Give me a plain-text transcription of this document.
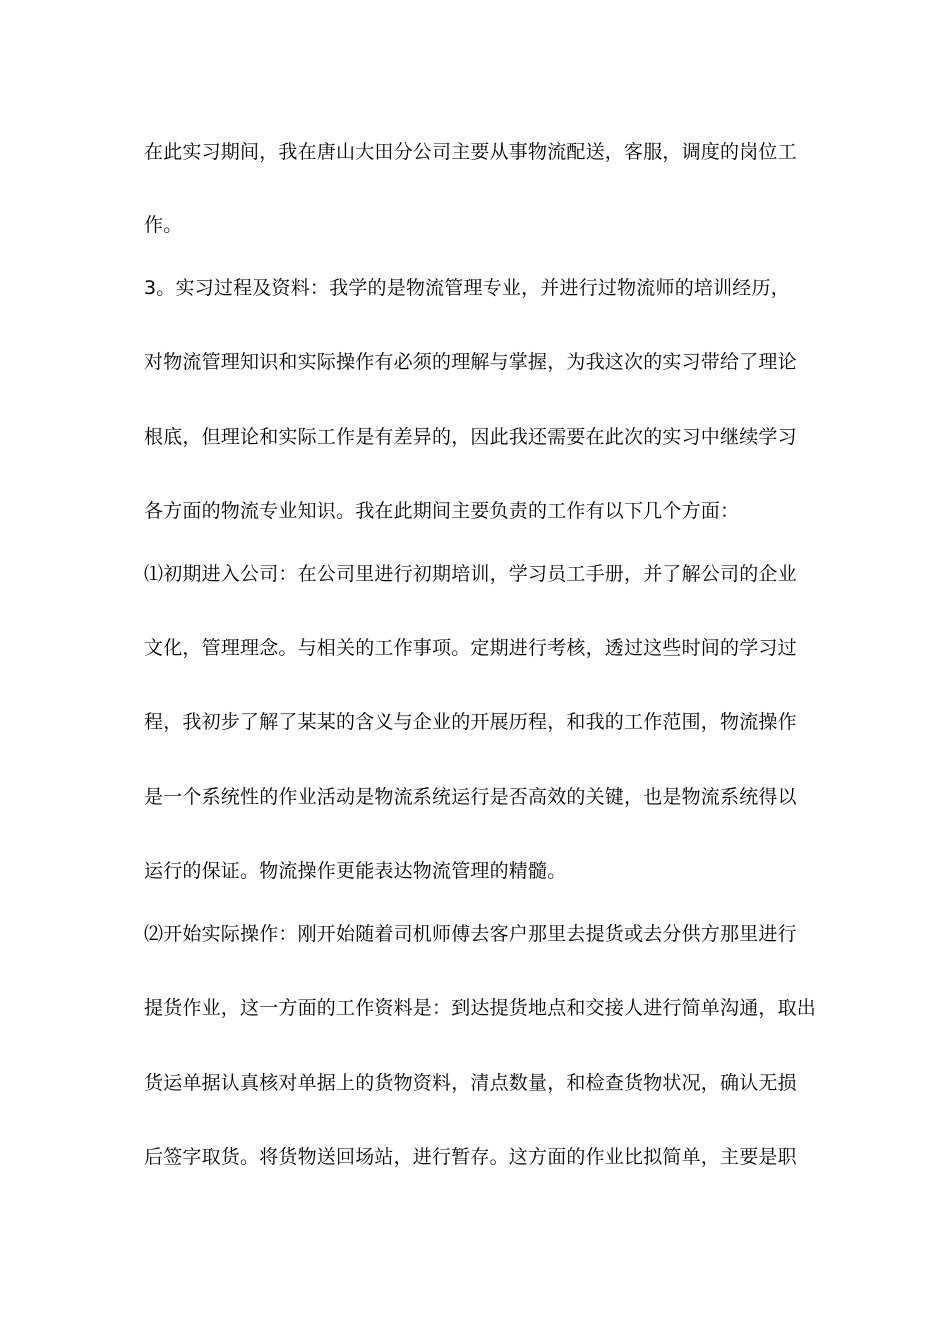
在此实习期间，我在唐山大田分公司主要从事物流配送，客服，调度的岗位工
作。
3。实习过程及资料：我学的是物流管理专业，并进行过物流师的培训经历，
对物流管理知识和实际操作有必须的理解与掌握，为我这次的实习带给了理论
根底，但理论和实际工作是有差异的，因此我还需要在此次的实习中继续学习
各方面的物流专业知识。我在此期间主要负责的工作有以下几个方面：
⑴初期进入公司：在公司里进行初期培训，学习员工手册，并了解公司的企业
文化，管理理念。与相关的工作事项。定期进行考核，透过这些时间的学习过
程，我初步了解了某某的含义与企业的开展历程，和我的工作范围，物流操作
是一个系统性的作业活动是物流系统运行是否高效的关键，也是物流系统得以
运行的保证。物流操作更能表达物流管理的精髓。
⑵开始实际操作：刚开始随着司机师傅去客户那里去提货或去分供方那里进行
提货作业，这一方面的工作资料是：到达提货地点和交接人进行简单沟通，取出
货运单据认真核对单据上的货物资料，清点数量，和检查货物状况，确认无损
后签字取货。将货物送回场站，进行暂存。这方面的作业比拟简单，主要是职
